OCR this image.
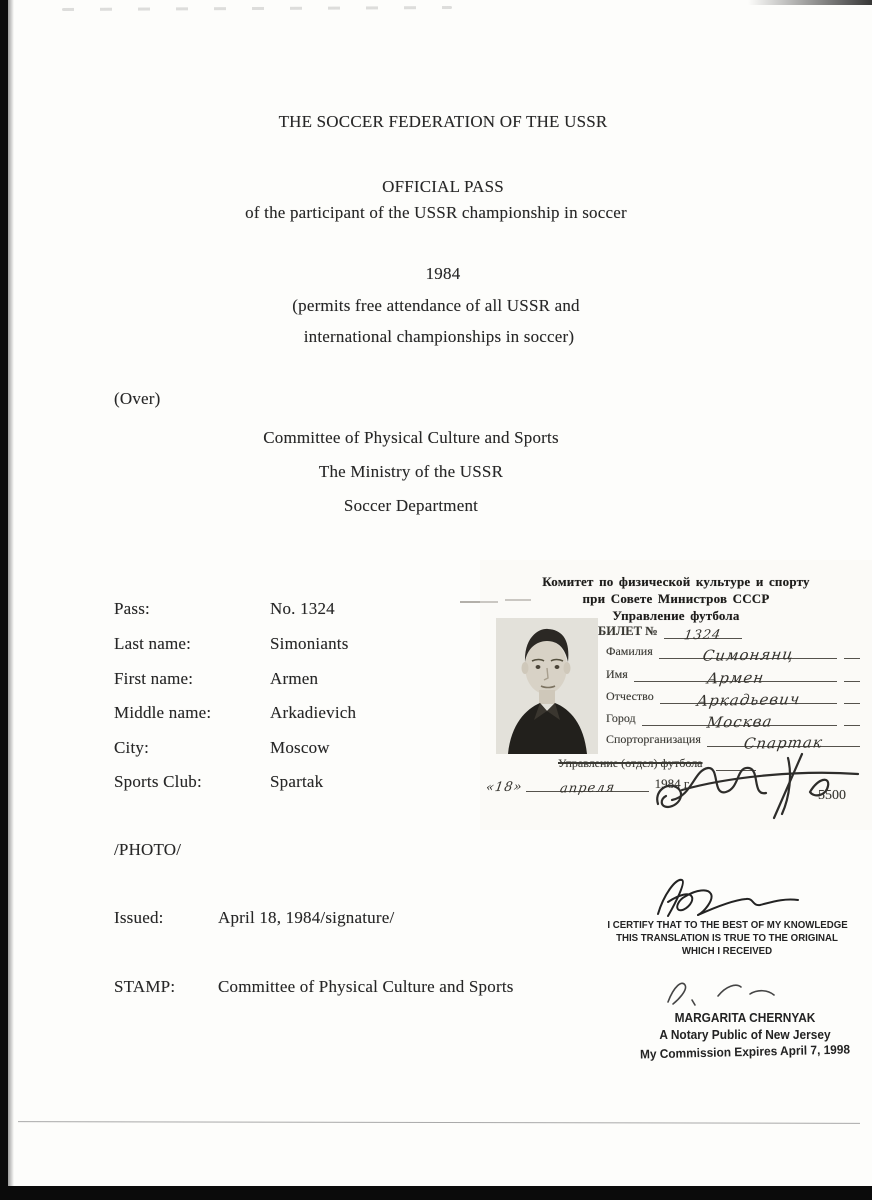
THE SOCCER FEDERATION OF THE USSR
OFFICIAL PASS
of the participant of the USSR championship in soccer
1984
(permits free attendance of all USSR and
international championships in soccer)
(Over)
Committee of Physical Culture and Sports
The Ministry of the USSR
Soccer Department
Pass:	No. 1324
Last name:	Simoniants
First name:	Armen
Middle name:	Arkadievich
City:	Moscow
Sports Club:	Spartak
/PHOTO/
Issued:	April 18, 1984/signature/
STAMP:	Committee of Physical Culture and Sports
Комитет по физической культуре и спорту
при Совете Министров СССР
Управление футбола
БИЛЕТ №	1324
Фамилия	Симонянц
Имя	Армен
Отчество	Аркадьевич
Город	Москва
Спорторганизация	Спартак
Управление (отдел) футбола
«18»	апреля	1984 г.
5500
I CERTIFY THAT TO THE BEST OF MY KNOWLEDGE
THIS TRANSLATION IS TRUE TO THE ORIGINAL
WHICH I RECEIVED
MARGARITA CHERNYAK
A Notary Public of New Jersey
My Commission Expires April 7, 1998
